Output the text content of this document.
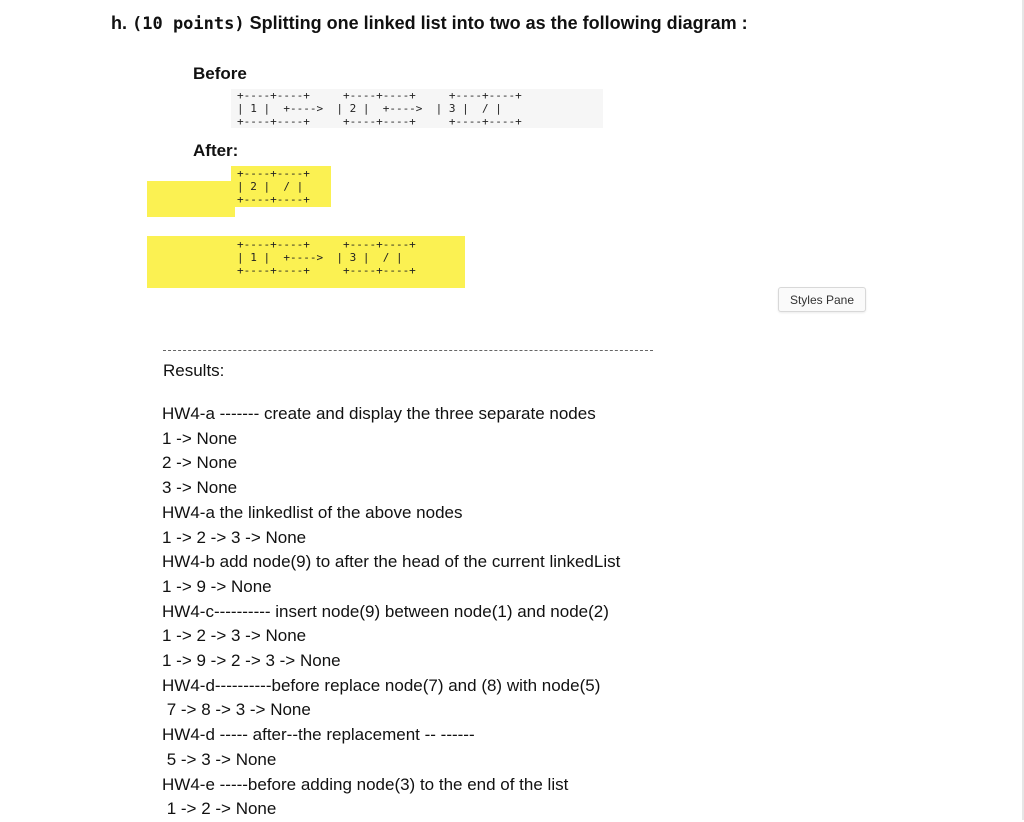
h. (10 points) Splitting one linked list into two as the following diagram :
Before
+----+----+     +----+----+     +----+----+
| 1 |  +---->  | 2 |  +---->  | 3 |  / |
+----+----+     +----+----+     +----+----+
After:
+----+----+
| 2 |  / |
+----+----+
+----+----+     +----+----+
| 1 |  +---->  | 3 |  / |
+----+----+     +----+----+
Styles Pane
Results:
HW4-a ------- create and display the three separate nodes
1 -> None
2 -> None
3 -> None
HW4-a the linkedlist of the above nodes
1 -> 2 -> 3 -> None
HW4-b add node(9) to after the head of the current linkedList
1 -> 9 -> None
HW4-c---------- insert node(9) between node(1) and node(2)
1 -> 2 -> 3 -> None
1 -> 9 -> 2 -> 3 -> None
HW4-d----------before replace node(7) and (8) with node(5)
7 -> 8 -> 3 -> None
HW4-d ----- after--the replacement -- ------
5 -> 3 -> None
HW4-e -----before adding node(3) to the end of the list
1 -> 2 -> None
